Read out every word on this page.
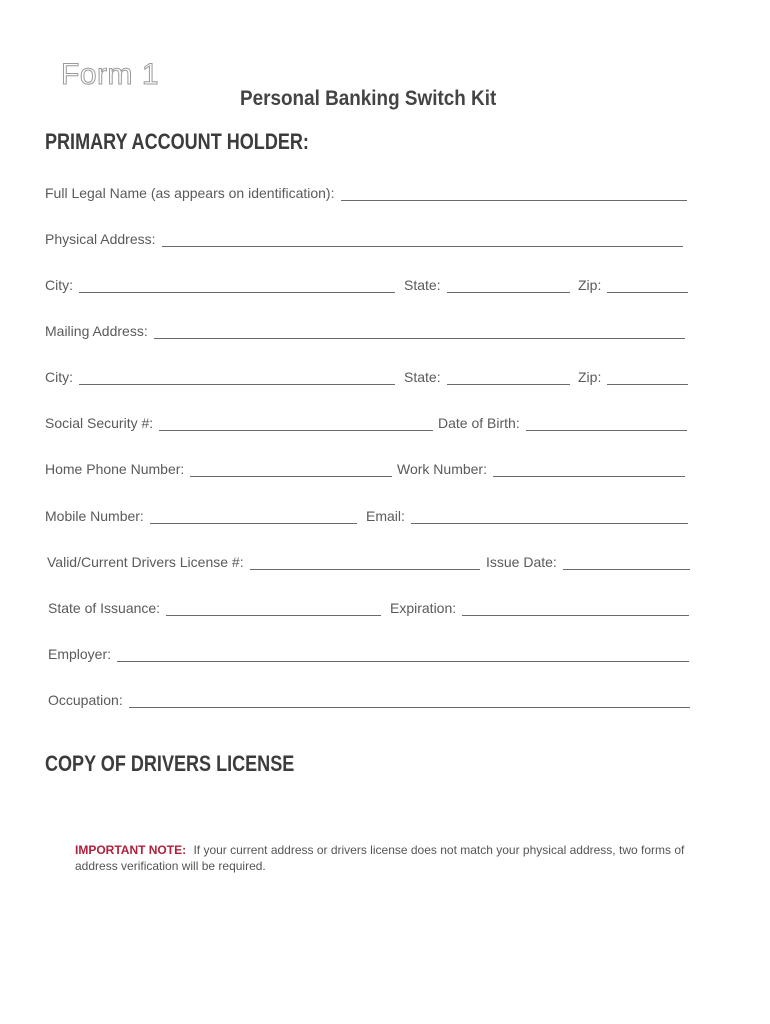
Form 1
Personal Banking Switch Kit
PRIMARY ACCOUNT HOLDER:
Full Legal Name (as appears on identification):
Physical Address:
City:	State:	Zip:
Mailing Address:
City:	State:	Zip:
Social Security #:	Date of Birth:
Home Phone Number:	Work Number:
Mobile Number:	Email:
Valid/Current Drivers License #:	Issue Date:
State of Issuance:	Expiration:
Employer:
Occupation:
COPY OF DRIVERS LICENSE
IMPORTANT NOTE: If your current address or drivers license does not match your physical address, two forms of address verification will be required.
